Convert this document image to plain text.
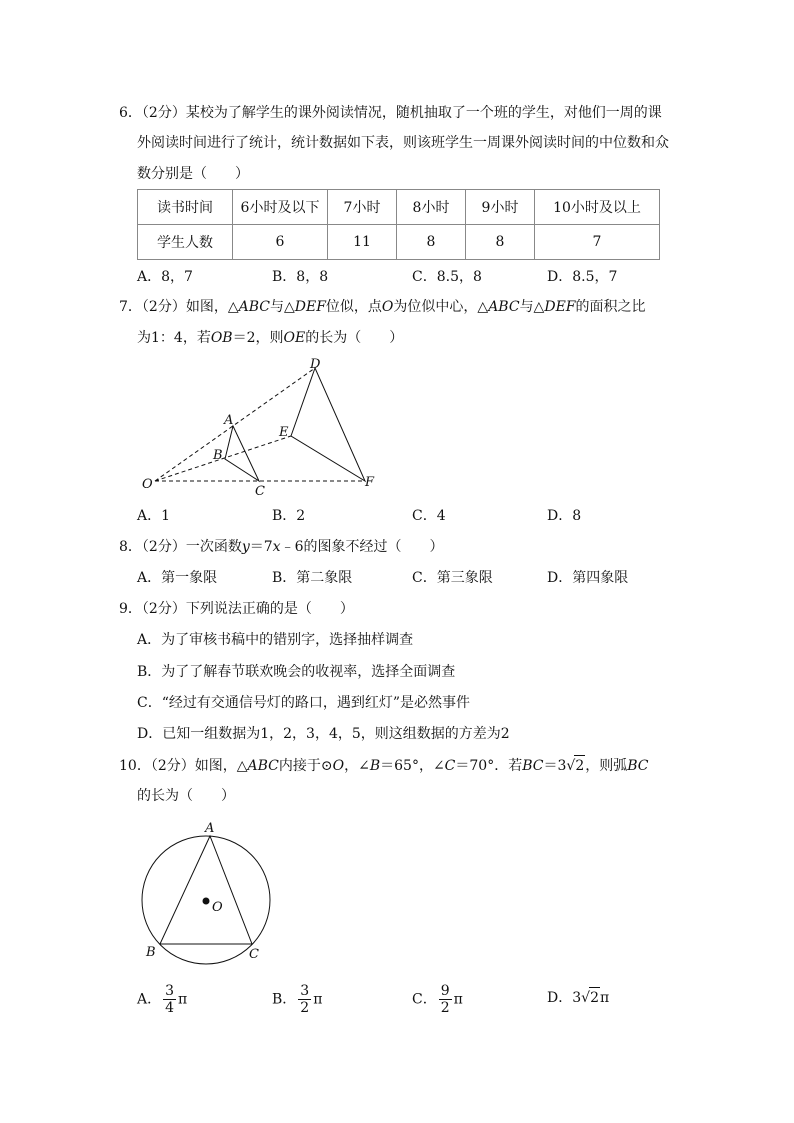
6．（2分）某校为了解学生的课外阅读情况，随机抽取了一个班的学生，对他们一周的课
外阅读时间进行了统计，统计数据如下表，则该班学生一周课外阅读时间的中位数和众
数分别是（　　）
读书时间	6小时及以下	7小时	8小时	9小时	10小时及以上
学生人数	6	11	8	8	7
A．8，7	B．8，8	C．8.5，8	D．8.5，7
7．（2分）如图，△ABC与△DEF位似，点O为位似中心，△ABC与△DEF的面积之比
为1：4，若OB＝2，则OE的长为（　　）
A
B
C
D
E
F
O
A．1	B．2	C．4	D．8
8．（2分）一次函数y＝7x﹣6的图象不经过（　　）
A．第一象限	B．第二象限	C．第三象限	D．第四象限
9．（2分）下列说法正确的是（　　）
A．为了审核书稿中的错别字，选择抽样调查
B．为了了解春节联欢晚会的收视率，选择全面调查
C．“经过有交通信号灯的路口，遇到红灯”是必然事件
D．已知一组数据为1，2，3，4，5，则这组数据的方差为2
10．（2分）如图，△ABC内接于⊙O，∠B＝65°，∠C＝70°．若BC＝3√2，则弧BC
的长为（　　）
A
B	C
O
A． $\frac{3}{4}$ π	B． $\frac{3}{2}$ π	C． $\frac{9}{2}$ π	D．3√2π
